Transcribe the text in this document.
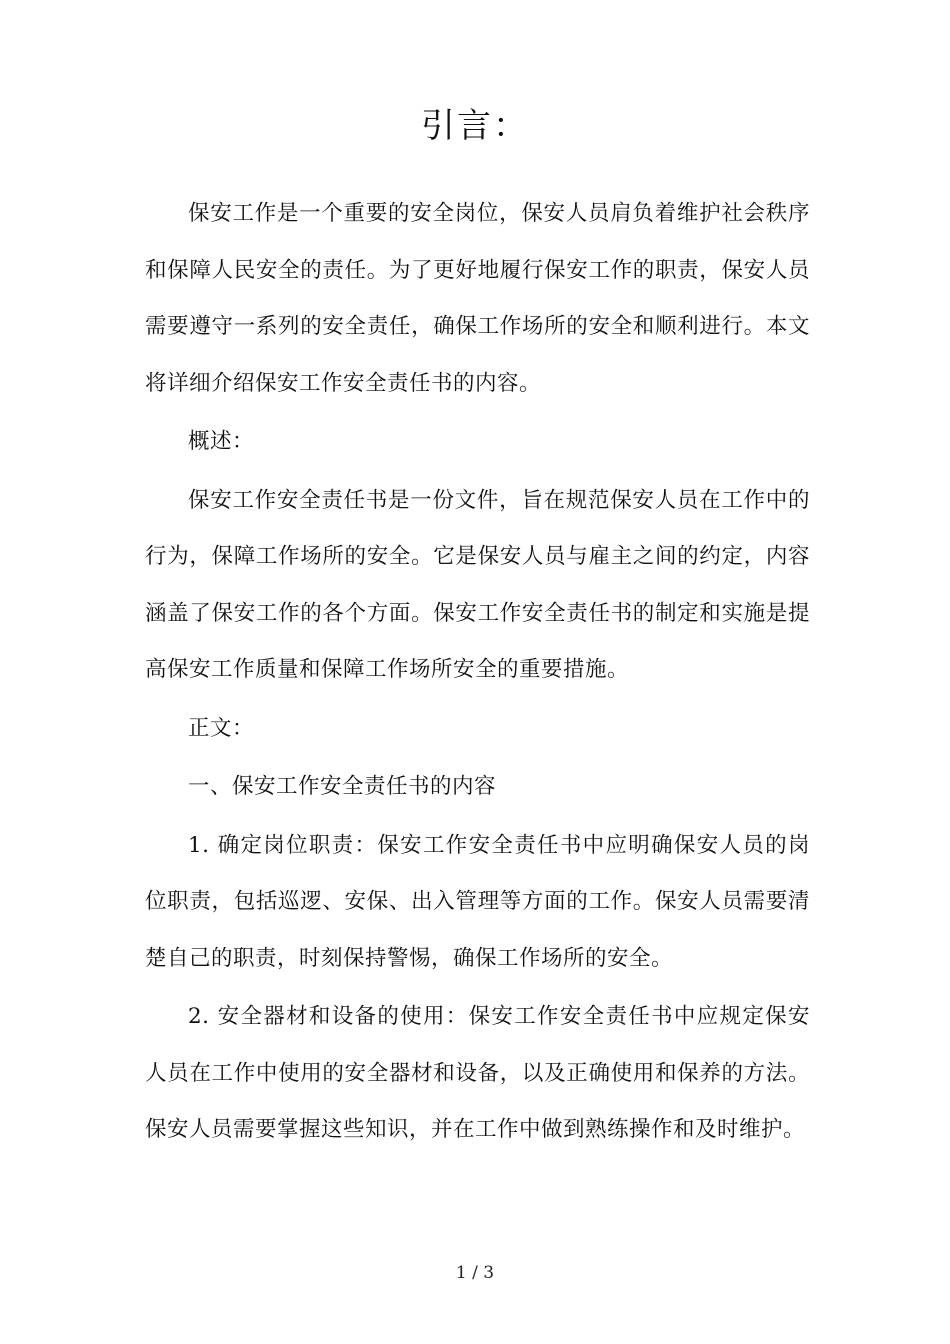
引言：

保安工作是一个重要的安全岗位，保安人员肩负着维护社会秩序和保障人民安全的责任。为了更好地履行保安工作的职责，保安人员需要遵守一系列的安全责任，确保工作场所的安全和顺利进行。本文将详细介绍保安工作安全责任书的内容。

概述：

保安工作安全责任书是一份文件，旨在规范保安人员在工作中的行为，保障工作场所的安全。它是保安人员与雇主之间的约定，内容涵盖了保安工作的各个方面。保安工作安全责任书的制定和实施是提高保安工作质量和保障工作场所安全的重要措施。

正文：

一、保安工作安全责任书的内容

1. 确定岗位职责：保安工作安全责任书中应明确保安人员的岗位职责，包括巡逻、安保、出入管理等方面的工作。保安人员需要清楚自己的职责，时刻保持警惕，确保工作场所的安全。

2. 安全器材和设备的使用：保安工作安全责任书中应规定保安人员在工作中使用的安全器材和设备，以及正确使用和保养的方法。保安人员需要掌握这些知识，并在工作中做到熟练操作和及时维护。

1 / 3
